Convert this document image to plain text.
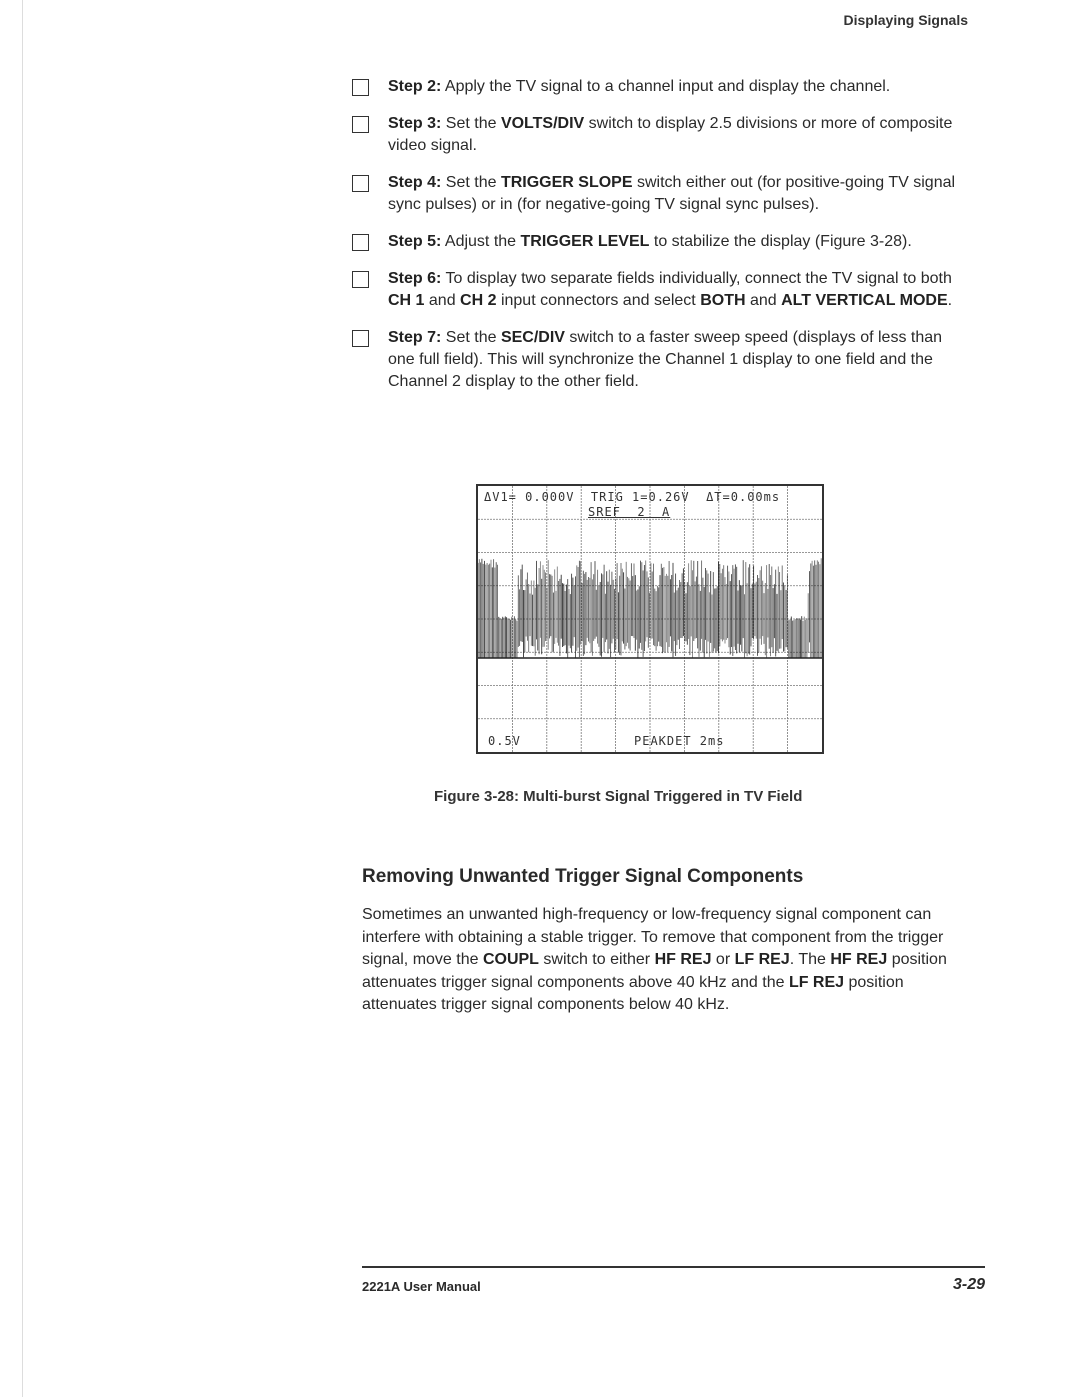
Displaying Signals
Step 2: Apply the TV signal to a channel input and display the channel.
Step 3: Set the VOLTS/DIV switch to display 2.5 divisions or more of composite video signal.
Step 4: Set the TRIGGER SLOPE switch either out (for positive-going TV signal sync pulses) or in (for negative-going TV signal sync pulses).
Step 5: Adjust the TRIGGER LEVEL to stabilize the display (Figure 3-28).
Step 6: To display two separate fields individually, connect the TV signal to both CH 1 and CH 2 input connectors and select BOTH and ALT VERTICAL MODE.
Step 7: Set the SEC/DIV switch to a faster sweep speed (displays of less than one full field). This will synchronize the Channel 1 display to one field and the Channel 2 display to the other field.
ΔV1= 0.000V  TRIG 1=0.26V  ΔT=0.00ms
SREF  2  A
0.5V	PEAKDET 2ms
Figure 3-28: Multi-burst Signal Triggered in TV Field
Removing Unwanted Trigger Signal Components
Sometimes an unwanted high-frequency or low-frequency signal component can interfere with obtaining a stable trigger. To remove that component from the trigger signal, move the COUPL switch to either HF REJ or LF REJ. The HF REJ position attenuates trigger signal components above 40 kHz and the LF REJ position attenuates trigger signal components below 40 kHz.
2221A User Manual	3-29
